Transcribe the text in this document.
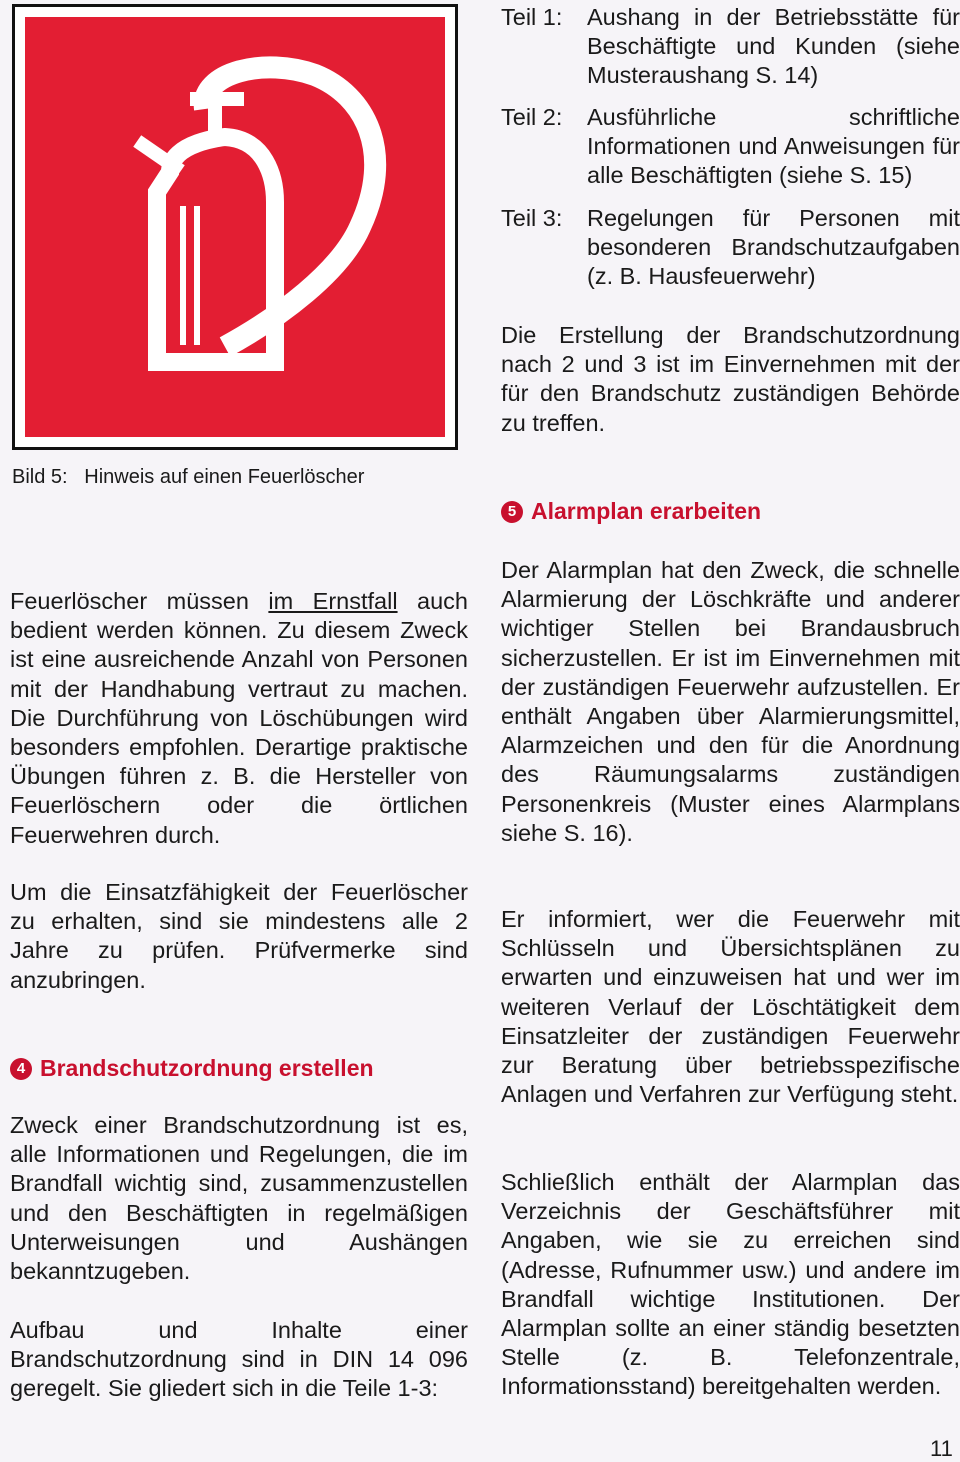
Bild 5: Hinweis auf einen Feuerlöscher

Feuerlöscher müssen im Ernstfall auch bedient werden können. Zu diesem Zweck ist eine ausreichende Anzahl von Personen mit der Handhabung vertraut zu machen. Die Durchführung von Löschübungen wird besonders empfohlen. Derartige praktische Übungen führen z. B. die Hersteller von Feuerlöschern oder die örtlichen Feuerwehren durch.

Um die Einsatzfähigkeit der Feuerlöscher zu erhalten, sind sie mindestens alle 2 Jahre zu prüfen. Prüfvermerke sind anzubringen.

4 Brandschutzordnung erstellen

Zweck einer Brandschutzordnung ist es, alle Informationen und Regelungen, die im Brandfall wichtig sind, zusammenzustellen und den Beschäftigten in regelmäßigen Unterweisungen und Aushängen bekanntzugeben.

Aufbau und Inhalte einer Brandschutzordnung sind in DIN 14 096 geregelt. Sie gliedert sich in die Teile 1-3:

Teil 1:	Aushang in der Betriebsstätte für Beschäftigte und Kunden (siehe Musteraushang S. 14)
Teil 2:	Ausführliche schriftliche Informationen und Anweisungen für alle Beschäftigten (siehe S. 15)
Teil 3:	Regelungen für Personen mit besonderen Brandschutzaufgaben (z. B. Hausfeuerwehr)

Die Erstellung der Brandschutzordnung nach 2 und 3 ist im Einvernehmen mit der für den Brandschutz zuständigen Behörde zu treffen.

5 Alarmplan erarbeiten

Der Alarmplan hat den Zweck, die schnelle Alarmierung der Löschkräfte und anderer wichtiger Stellen bei Brandausbruch sicherzustellen. Er ist im Einvernehmen mit der zuständigen Feuerwehr aufzustellen. Er enthält Angaben über Alarmierungsmittel, Alarmzeichen und den für die Anordnung des Räumungsalarms zuständigen Personenkreis (Muster eines Alarmplans siehe S. 16).

Er informiert, wer die Feuerwehr mit Schlüsseln und Übersichtsplänen zu erwarten und einzuweisen hat und wer im weiteren Verlauf der Löschtätigkeit dem Einsatzleiter der zuständigen Feuerwehr zur Beratung über betriebsspezifische Anlagen und Verfahren zur Verfügung steht.

Schließlich enthält der Alarmplan das Verzeichnis der Geschäftsführer mit Angaben, wie sie zu erreichen sind (Adresse, Rufnummer usw.) und andere im Brandfall wichtige Institutionen. Der Alarmplan sollte an einer ständig besetzten Stelle (z. B. Telefonzentrale, Informationsstand) bereitgehalten werden.

11
